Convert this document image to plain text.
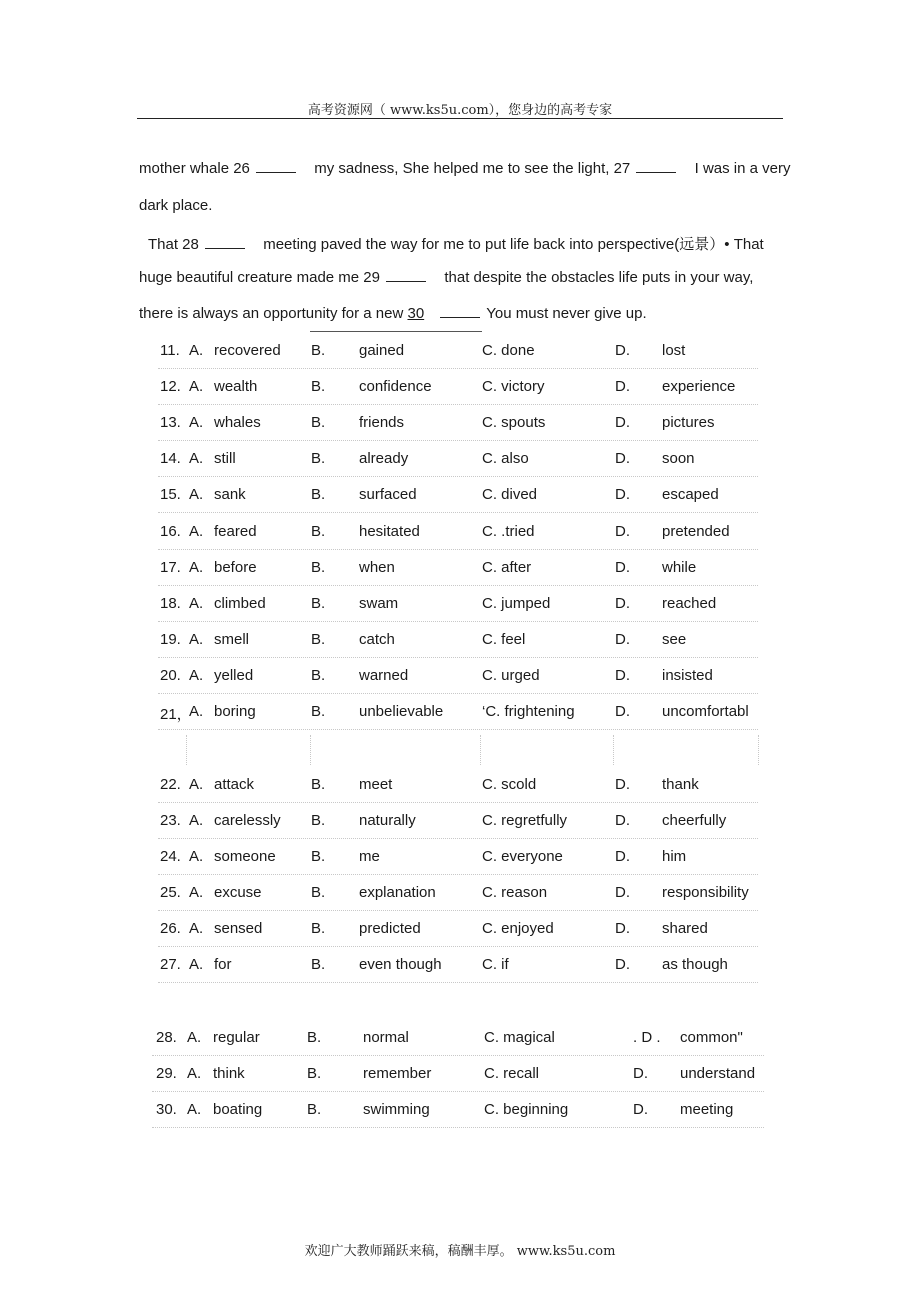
高考资源网（ www.ks5u.com），您身边的高考专家
mother whale 26	my sadness, She helped me to see the light, 27	I was in a very
dark place.
That 28	meeting paved the way for me to put life back into perspective(远景）• That
huge beautiful creature made me 29	that despite the obstacles life puts in your way,
there is always an opportunity for a new 30	You must never give up.
11. A. recovered B. gained	C. done	D. lost
12. A. wealth	B. confidence	C. victory	D. experience
13. A. whales	B. friends	C. spouts	D. pictures
14. A. still	B. already	C. also	D. soon
15. A. sank	B. surfaced	C. dived	D. escaped
16. A. feared	B. hesitated	C. .tried	D. pretended
17. A. before	B. when	C. after	D. while
18. A. climbed	B. swam	C. jumped	D. reached
19. A. smell	B. catch	C. feel	D. see
20. A. yelled	B. warned	C. urged	D. insisted
21，
A. boring	B. unbelievable	‘C. frightening	D. uncomfortabl
22. A. attack	B. meet	C. scold	D. thank
23. A. carelessly B. naturally	C. regretfully	D. cheerfully
24. A. someone B. me	C. everyone	D. him
25. A. excuse	B. explanation	C. reason	D. responsibility
26. A. sensed	B. predicted	C. enjoyed	D. shared
27. A. for	B. even though	C. if	D. as though
28. A. regular	B.	normal	C. magical	. D . common"
29. A. think	B.	remember	C. recall	D. understand
30. A. boating	B.	swimming	C. beginning	D. meeting
欢迎广大教师踊跃来稿，稿酬丰厚。 www.ks5u.com
